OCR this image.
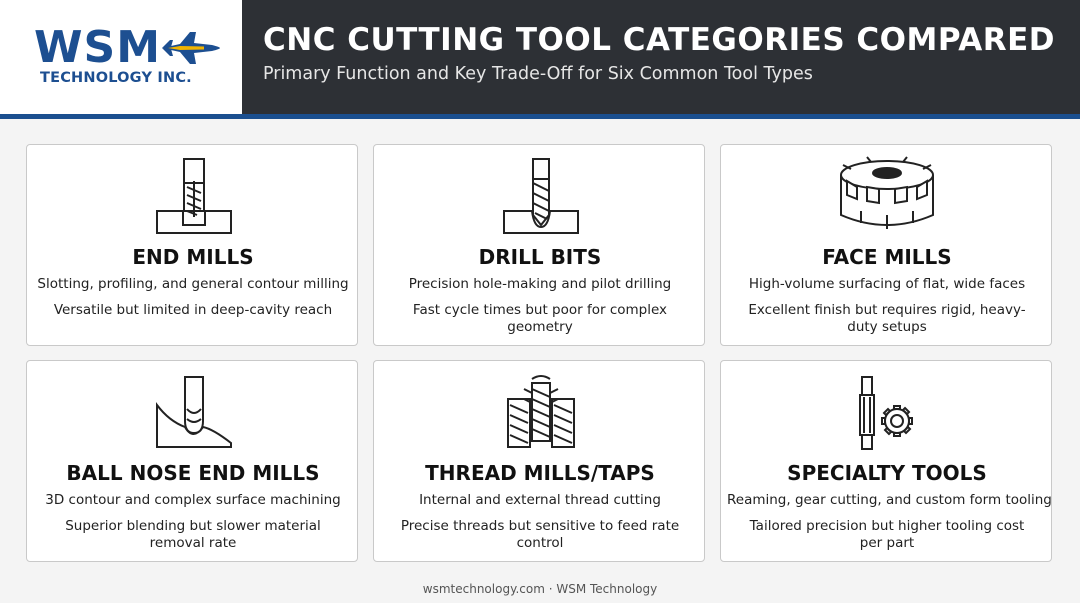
WSM
TECHNOLOGY INC.
CNC CUTTING TOOL CATEGORIES COMPARED
Primary Function and Key Trade-Off for Six Common Tool Types
END MILLS
Slotting, profiling, and general contour milling
Versatile but limited in deep-cavity reach
DRILL BITS
Precision hole-making and pilot drilling
Fast cycle times but poor for complex geometry
FACE MILLS
High-volume surfacing of flat, wide faces
Excellent finish but requires rigid, heavy-duty setups
BALL NOSE END MILLS
3D contour and complex surface machining
Superior blending but slower material removal rate
THREAD MILLS/TAPS
Internal and external thread cutting
Precise threads but sensitive to feed rate control
SPECIALTY TOOLS
Reaming, gear cutting, and custom form tooling
Tailored precision but higher tooling cost per part
wsmtechnology.com · WSM Technology
